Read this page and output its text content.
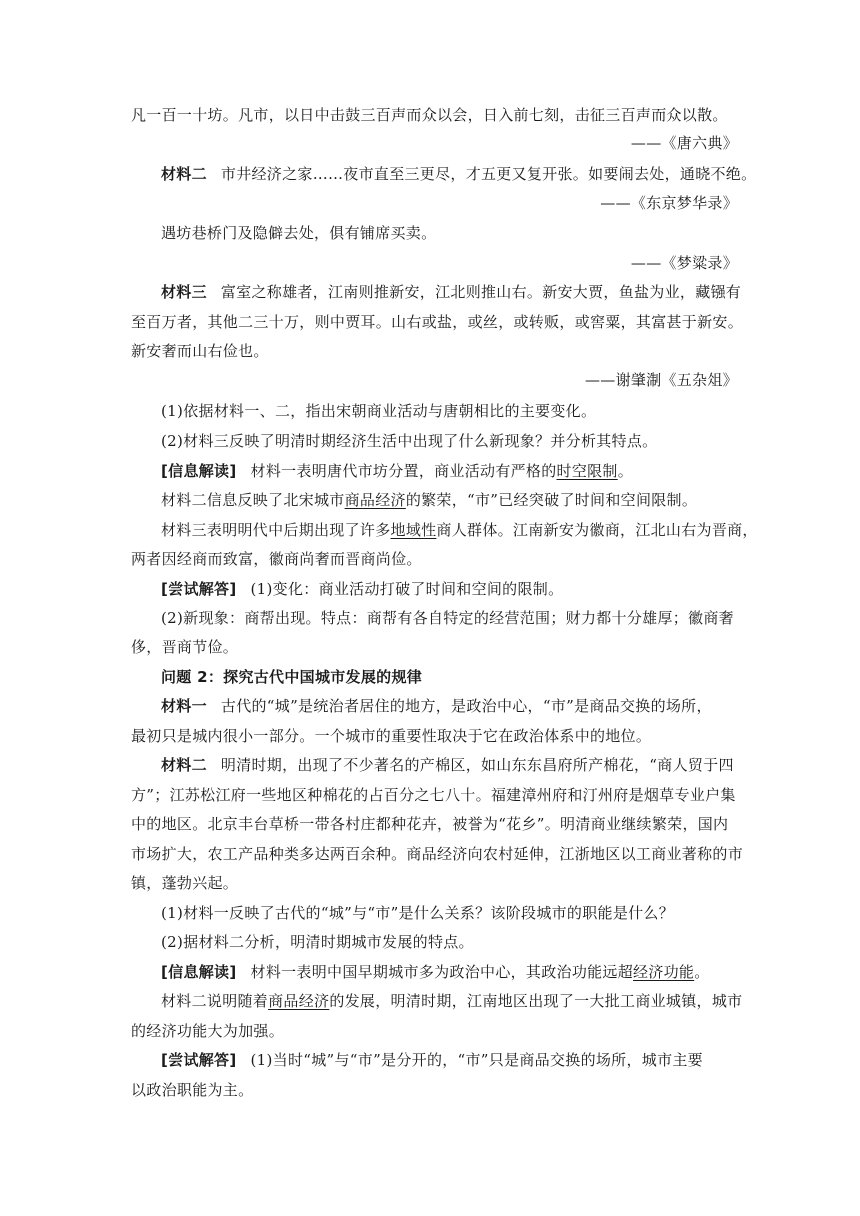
凡一百一十坊。凡市，以日中击鼓三百声而众以会，日入前七刻，击征三百声而众以散。
——《唐六典》
材料二 市井经济之家……夜市直至三更尽，才五更又复开张。如要闹去处，通晓不绝。
——《东京梦华录》
遇坊巷桥门及隐僻去处，俱有铺席买卖。
——《梦粱录》
材料三 富室之称雄者，江南则推新安，江北则推山右。新安大贾，鱼盐为业，藏镪有
至百万者，其他二三十万，则中贾耳。山右或盐，或丝，或转贩，或窖粟，其富甚于新安。
新安奢而山右俭也。
——谢肇淛《五杂俎》
(1)依据材料一、二，指出宋朝商业活动与唐朝相比的主要变化。
(2)材料三反映了明清时期经济生活中出现了什么新现象？并分析其特点。
[信息解读] 材料一表明唐代市坊分置，商业活动有严格的时空限制。
材料二信息反映了北宋城市商品经济的繁荣，“市”已经突破了时间和空间限制。
材料三表明明代中后期出现了许多地域性商人群体。江南新安为徽商，江北山右为晋商，
两者因经商而致富，徽商尚奢而晋商尚俭。
[尝试解答] (1)变化：商业活动打破了时间和空间的限制。
(2)新现象：商帮出现。特点：商帮有各自特定的经营范围；财力都十分雄厚；徽商奢
侈，晋商节俭。
问题 2：探究古代中国城市发展的规律
材料一 古代的“城”是统治者居住的地方，是政治中心，“市”是商品交换的场所，
最初只是城内很小一部分。一个城市的重要性取决于它在政治体系中的地位。
材料二 明清时期，出现了不少著名的产棉区，如山东东昌府所产棉花，“商人贸于四
方”；江苏松江府一些地区种棉花的占百分之七八十。福建漳州府和汀州府是烟草专业户集
中的地区。北京丰台草桥一带各村庄都种花卉，被誉为“花乡”。明清商业继续繁荣，国内
市场扩大，农工产品种类多达两百余种。商品经济向农村延伸，江浙地区以工商业著称的市
镇，蓬勃兴起。
(1)材料一反映了古代的“城”与“市”是什么关系？该阶段城市的职能是什么？
(2)据材料二分析，明清时期城市发展的特点。
[信息解读] 材料一表明中国早期城市多为政治中心，其政治功能远超经济功能。
材料二说明随着商品经济的发展，明清时期，江南地区出现了一大批工商业城镇，城市
的经济功能大为加强。
[尝试解答] (1)当时“城”与“市”是分开的，“市”只是商品交换的场所，城市主要
以政治职能为主。
